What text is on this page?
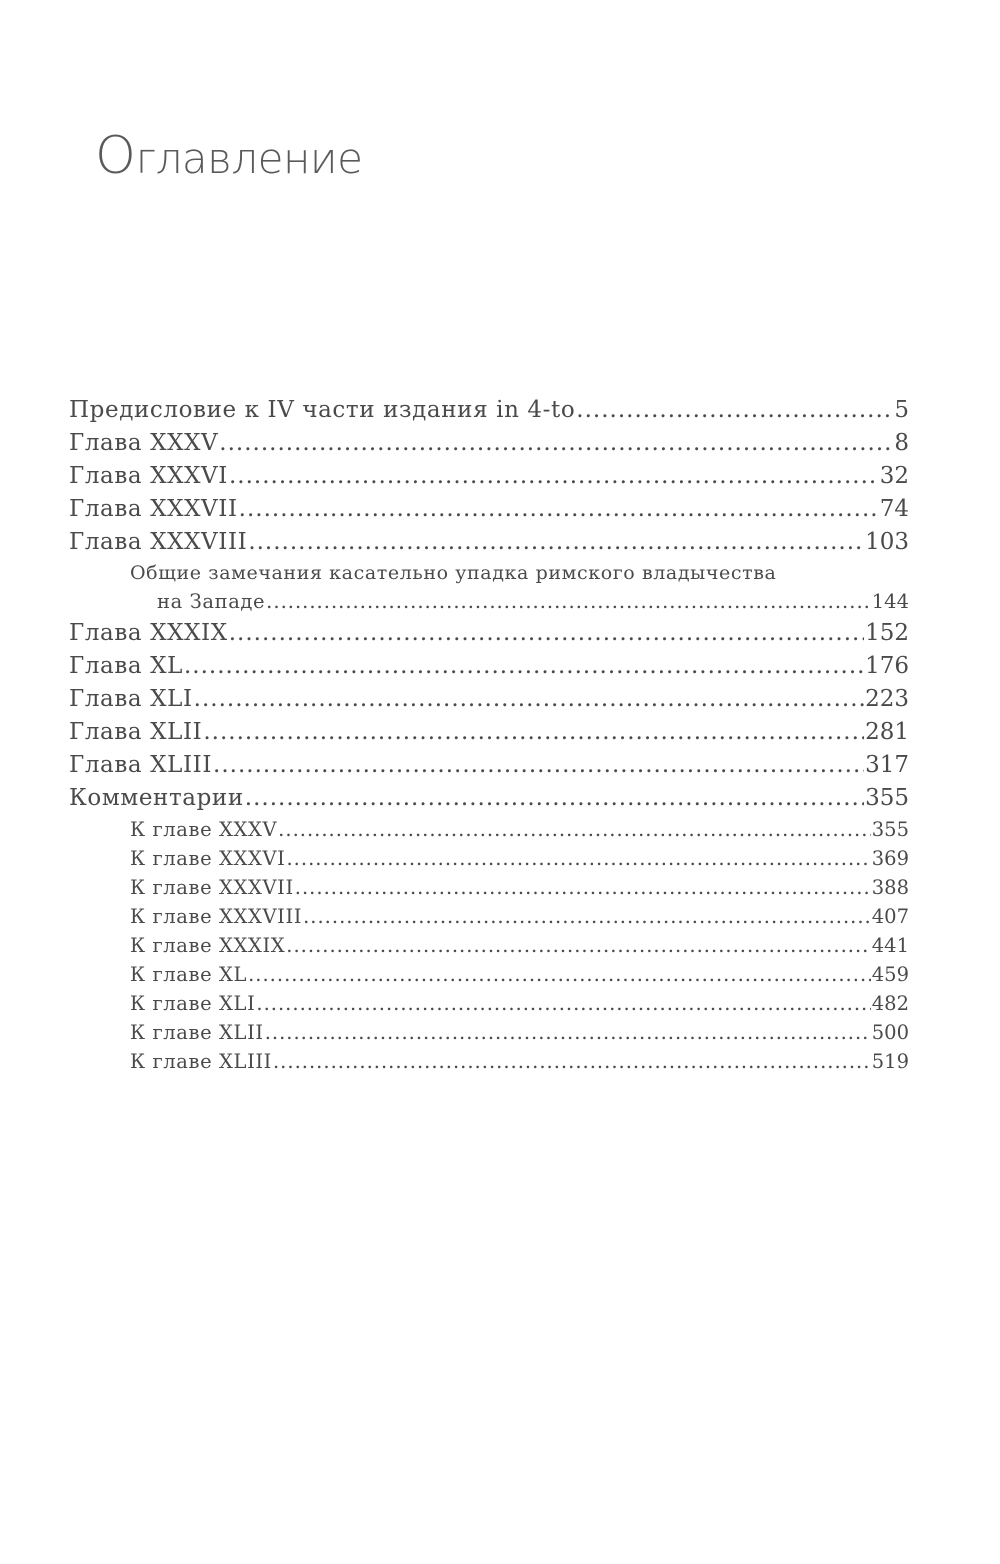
Оглавление
Предисловие к IV части издания in 4-to .....	5
Глава XXXV .....	8
Глава XXXVI .....	32
Глава XXXVII .....	74
Глава XXXVIII .....	103
Общие замечания касательно упадка римского владычества
на Западе .....	144
Глава XXXIX .....	152
Глава XL .....	176
Глава XLI .....	223
Глава XLII .....	281
Глава XLIII .....	317
Комментарии .....	355
К главе XXXV .....	355
К главе XXXVI .....	369
К главе XXXVII .....	388
К главе XXXVIII .....	407
К главе XXXIX .....	441
К главе XL .....	459
К главе XLI .....	482
К главе XLII .....	500
К главе XLIII .....	519
